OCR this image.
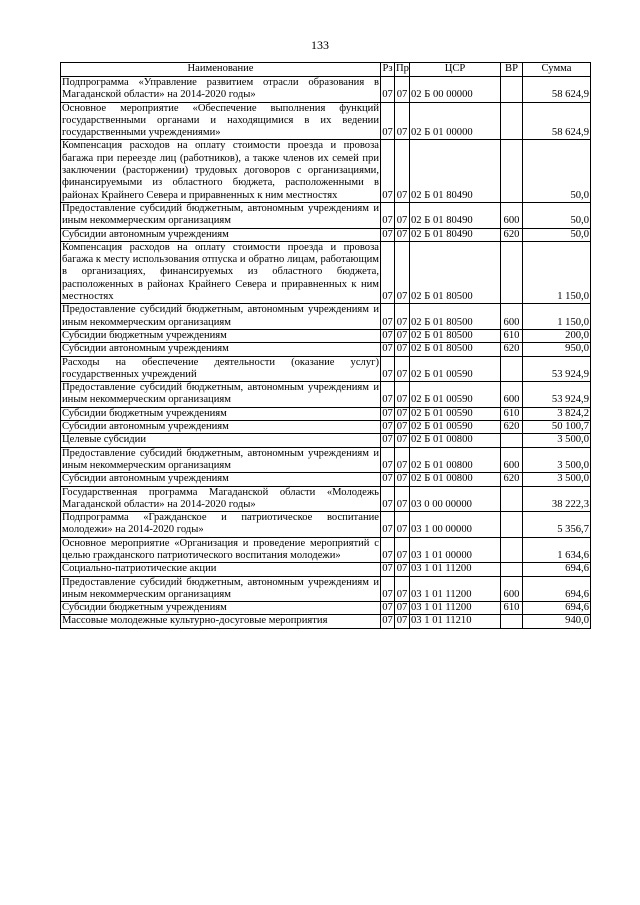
133
Наименование	Рз	Пр	ЦСР	ВР	Сумма
Подпрограмма «Управление развитием отрасли образования в Магаданской области» на 2014-2020 годы»	07	07	02 Б 00 00000		58 624,9
Основное мероприятие «Обеспечение выполнения функций государственными органами и находящимися в их ведении государственными учреждениями»	07	07	02 Б 01 00000		58 624,9
Компенсация расходов на оплату стоимости проезда и провоза багажа при переезде лиц (работников), а также членов их семей при заключении (расторжении) трудовых договоров с организациями, финансируемыми из областного бюджета, расположенными в районах Крайнего Севера и приравненных к ним местностях	07	07	02 Б 01 80490		50,0
Предоставление субсидий бюджетным, автономным учреждениям и иным некоммерческим организациям	07	07	02 Б 01 80490	600	50,0
Субсидии автономным учреждениям	07	07	02 Б 01 80490	620	50,0
Компенсация расходов на оплату стоимости проезда и провоза багажа к месту использования отпуска и обратно лицам, работающим в организациях, финансируемых из областного бюджета, расположенных в районах Крайнего Севера и приравненных к ним местностях	07	07	02 Б 01 80500		1 150,0
Предоставление субсидий бюджетным, автономным учреждениям и иным некоммерческим организациям	07	07	02 Б 01 80500	600	1 150,0
Субсидии бюджетным учреждениям	07	07	02 Б 01 80500	610	200,0
Субсидии автономным учреждениям	07	07	02 Б 01 80500	620	950,0
Расходы на обеспечение деятельности (оказание услуг) государственных учреждений	07	07	02 Б 01 00590		53 924,9
Предоставление субсидий бюджетным, автономным учреждениям и иным некоммерческим организациям	07	07	02 Б 01 00590	600	53 924,9
Субсидии бюджетным учреждениям	07	07	02 Б 01 00590	610	3 824,2
Субсидии автономным учреждениям	07	07	02 Б 01 00590	620	50 100,7
Целевые субсидии	07	07	02 Б 01 00800		3 500,0
Предоставление субсидий бюджетным, автономным учреждениям и иным некоммерческим организациям	07	07	02 Б 01 00800	600	3 500,0
Субсидии автономным учреждениям	07	07	02 Б 01 00800	620	3 500,0
Государственная программа Магаданской области «Молодежь Магаданской области» на 2014-2020 годы»	07	07	03 0 00 00000		38 222,3
Подпрограмма «Гражданское и патриотическое воспитание молодежи» на 2014-2020 годы»	07	07	03 1 00 00000		5 356,7
Основное мероприятие «Организация и проведение мероприятий с целью гражданского патриотического воспитания молодежи»	07	07	03 1 01 00000		1 634,6
Социально-патриотические акции	07	07	03 1 01 11200		694,6
Предоставление субсидий бюджетным, автономным учреждениям и иным некоммерческим организациям	07	07	03 1 01 11200	600	694,6
Субсидии бюджетным учреждениям	07	07	03 1 01 11200	610	694,6
Массовые молодежные культурно-досуговые мероприятия	07	07	03 1 01 11210		940,0
